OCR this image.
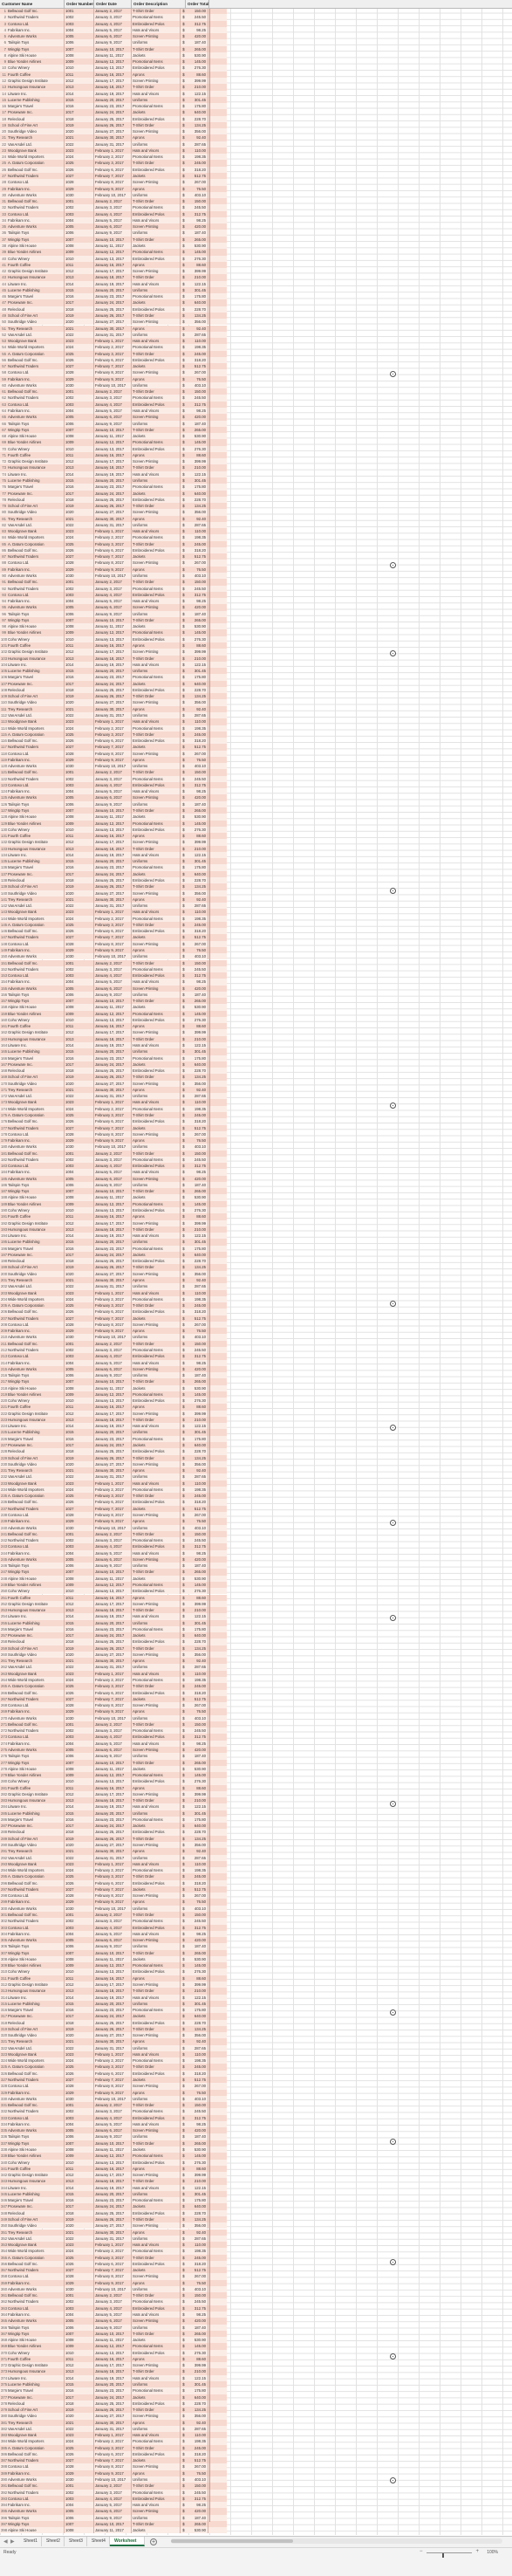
Customer Name	Order Number Order Date	Order Description	Order Total
1 Bellwood Golf Inc.	1001	January 2, 2017	T-Shirt Order	$	150.00
2 Northwind Traders	1002	January 3, 2017	Promotional Items	$	245.50
3 Contoso Ltd.	1003	January 4, 2017	Embroidered Polos	$	312.75
4 Fabrikam Inc.	1004	January 5, 2017	Hats and Visors	$	98.25
5 Adventure Works	1005	January 6, 2017	Screen Printing	$	420.00
6 Tailspin Toys	1006	January 9, 2017	Uniforms	$	187.40
7 Wingtip Toys	1007	January 10, 2017	T-Shirt Order	$	265.00
8 Alpine Ski House	1008	January 11, 2017	Jackets	$	530.90
9 Blue Yonder Airlines	1009	January 12, 2017	Promotional Items	$	145.00
10 Coho Winery	1010	January 13, 2017	Embroidered Polos	$	276.30
11 Fourth Coffee	1011	January 16, 2017	Aprons	$	88.60
12 Graphic Design Institute	1012	January 17, 2017	Screen Printing	$	399.99
13 Humongous Insurance	1013	January 18, 2017	T-Shirt Order	$	210.00
14 Litware Inc.	1014	January 19, 2017	Hats and Visors	$	122.15
15 Lucerne Publishing	1015	January 20, 2017	Uniforms	$	301.45
16 Margie's Travel	1016	January 23, 2017	Promotional Items	$	175.80
17 Proseware Inc.	1017	January 24, 2017	Jackets	$	640.00
18 Relecloud	1018	January 25, 2017	Embroidered Polos	$	228.70
19 School of Fine Art	1019	January 26, 2017	T-Shirt Order	$	134.25
20 Southridge Video	1020	January 27, 2017	Screen Printing	$	356.00
21 Trey Research	1021	January 30, 2017	Aprons	$	92.40
22 VanArsdel Ltd.	1022	January 31, 2017	Uniforms	$	287.65
23 Woodgrove Bank	1023	February 1, 2017	Hats and Visors	$	110.00
24 Wide World Importers	1024	February 2, 2017	Promotional Items	$	198.35
25 A. Datum Corporation	1025	February 3, 2017	T-Shirt Order	$	245.00
26 Bellwood Golf Inc.	1026	February 6, 2017	Embroidered Polos	$	318.20
27 Northwind Traders	1027	February 7, 2017	Jackets	$	512.75
28 Contoso Ltd.	1028	February 8, 2017	Screen Printing	$	267.00
29 Fabrikam Inc.	1029	February 9, 2017	Aprons	$	76.50
30 Adventure Works	1030	February 10, 2017	Uniforms	$	403.10
31 Bellwood Golf Inc.	1001	January 2, 2017	T-Shirt Order	$	150.00
32 Northwind Traders	1002	January 3, 2017	Promotional Items	$	245.50
33 Contoso Ltd.	1003	January 4, 2017	Embroidered Polos	$	312.75
34 Fabrikam Inc.	1004	January 5, 2017	Hats and Visors	$	98.25
35 Adventure Works	1005	January 6, 2017	Screen Printing	$	420.00
36 Tailspin Toys	1006	January 9, 2017	Uniforms	$	187.40
37 Wingtip Toys	1007	January 10, 2017	T-Shirt Order	$	265.00
38 Alpine Ski House	1008	January 11, 2017	Jackets	$	530.90
39 Blue Yonder Airlines	1009	January 12, 2017	Promotional Items	$	145.00
40 Coho Winery	1010	January 13, 2017	Embroidered Polos	$	276.30
41 Fourth Coffee	1011	January 16, 2017	Aprons	$	88.60
42 Graphic Design Institute	1012	January 17, 2017	Screen Printing	$	399.99
43 Humongous Insurance	1013	January 18, 2017	T-Shirt Order	$	210.00
44 Litware Inc.	1014	January 19, 2017	Hats and Visors	$	122.15
45 Lucerne Publishing	1015	January 20, 2017	Uniforms	$	301.45
46 Margie's Travel	1016	January 23, 2017	Promotional Items	$	175.80
47 Proseware Inc.	1017	January 24, 2017	Jackets	$	640.00
48 Relecloud	1018	January 25, 2017	Embroidered Polos	$	228.70
49 School of Fine Art	1019	January 26, 2017	T-Shirt Order	$	134.25
50 Southridge Video	1020	January 27, 2017	Screen Printing	$	356.00
51 Trey Research	1021	January 30, 2017	Aprons	$	92.40
52 VanArsdel Ltd.	1022	January 31, 2017	Uniforms	$	287.65
53 Woodgrove Bank	1023	February 1, 2017	Hats and Visors	$	110.00
54 Wide World Importers	1024	February 2, 2017	Promotional Items	$	198.35
55 A. Datum Corporation	1025	February 3, 2017	T-Shirt Order	$	245.00
56 Bellwood Golf Inc.	1026	February 6, 2017	Embroidered Polos	$	318.20
57 Northwind Traders	1027	February 7, 2017	Jackets	$	512.75
58 Contoso Ltd.	1028	February 8, 2017	Screen Printing	$	267.00
59 Fabrikam Inc.	1029	February 9, 2017	Aprons	$	76.50
60 Adventure Works	1030	February 10, 2017	Uniforms	$	403.10
61 Bellwood Golf Inc.	1001	January 2, 2017	T-Shirt Order	$	150.00
62 Northwind Traders	1002	January 3, 2017	Promotional Items	$	245.50
63 Contoso Ltd.	1003	January 4, 2017	Embroidered Polos	$	312.75
64 Fabrikam Inc.	1004	January 5, 2017	Hats and Visors	$	98.25
65 Adventure Works	1005	January 6, 2017	Screen Printing	$	420.00
66 Tailspin Toys	1006	January 9, 2017	Uniforms	$	187.40
67 Wingtip Toys	1007	January 10, 2017	T-Shirt Order	$	265.00
68 Alpine Ski House	1008	January 11, 2017	Jackets	$	530.90
69 Blue Yonder Airlines	1009	January 12, 2017	Promotional Items	$	145.00
70 Coho Winery	1010	January 13, 2017	Embroidered Polos	$	276.30
71 Fourth Coffee	1011	January 16, 2017	Aprons	$	88.60
72 Graphic Design Institute	1012	January 17, 2017	Screen Printing	$	399.99
73 Humongous Insurance	1013	January 18, 2017	T-Shirt Order	$	210.00
74 Litware Inc.	1014	January 19, 2017	Hats and Visors	$	122.15
75 Lucerne Publishing	1015	January 20, 2017	Uniforms	$	301.45
76 Margie's Travel	1016	January 23, 2017	Promotional Items	$	175.80
77 Proseware Inc.	1017	January 24, 2017	Jackets	$	640.00
78 Relecloud	1018	January 25, 2017	Embroidered Polos	$	228.70
79 School of Fine Art	1019	January 26, 2017	T-Shirt Order	$	134.25
80 Southridge Video	1020	January 27, 2017	Screen Printing	$	356.00
81 Trey Research	1021	January 30, 2017	Aprons	$	92.40
82 VanArsdel Ltd.	1022	January 31, 2017	Uniforms	$	287.65
83 Woodgrove Bank	1023	February 1, 2017	Hats and Visors	$	110.00
84 Wide World Importers	1024	February 2, 2017	Promotional Items	$	198.35
85 A. Datum Corporation	1025	February 3, 2017	T-Shirt Order	$	245.00
86 Bellwood Golf Inc.	1026	February 6, 2017	Embroidered Polos	$	318.20
87 Northwind Traders	1027	February 7, 2017	Jackets	$	512.75
88 Contoso Ltd.	1028	February 8, 2017	Screen Printing	$	267.00
89 Fabrikam Inc.	1029	February 9, 2017	Aprons	$	76.50
90 Adventure Works	1030	February 10, 2017	Uniforms	$	403.10
91 Bellwood Golf Inc.	1001	January 2, 2017	T-Shirt Order	$	150.00
92 Northwind Traders	1002	January 3, 2017	Promotional Items	$	245.50
93 Contoso Ltd.	1003	January 4, 2017	Embroidered Polos	$	312.75
94 Fabrikam Inc.	1004	January 5, 2017	Hats and Visors	$	98.25
95 Adventure Works	1005	January 6, 2017	Screen Printing	$	420.00
96 Tailspin Toys	1006	January 9, 2017	Uniforms	$	187.40
97 Wingtip Toys	1007	January 10, 2017	T-Shirt Order	$	265.00
98 Alpine Ski House	1008	January 11, 2017	Jackets	$	530.90
99 Blue Yonder Airlines	1009	January 12, 2017	Promotional Items	$	145.00
100 Coho Winery	1010	January 13, 2017	Embroidered Polos	$	276.30
101 Fourth Coffee	1011	January 16, 2017	Aprons	$	88.60
102 Graphic Design Institute	1012	January 17, 2017	Screen Printing	$	399.99
103 Humongous Insurance	1013	January 18, 2017	T-Shirt Order	$	210.00
104 Litware Inc.	1014	January 19, 2017	Hats and Visors	$	122.15
105 Lucerne Publishing	1015	January 20, 2017	Uniforms	$	301.45
106 Margie's Travel	1016	January 23, 2017	Promotional Items	$	175.80
107 Proseware Inc.	1017	January 24, 2017	Jackets	$	640.00
108 Relecloud	1018	January 25, 2017	Embroidered Polos	$	228.70
109 School of Fine Art	1019	January 26, 2017	T-Shirt Order	$	134.25
110 Southridge Video	1020	January 27, 2017	Screen Printing	$	356.00
111 Trey Research	1021	January 30, 2017	Aprons	$	92.40
112 VanArsdel Ltd.	1022	January 31, 2017	Uniforms	$	287.65
113 Woodgrove Bank	1023	February 1, 2017	Hats and Visors	$	110.00
114 Wide World Importers	1024	February 2, 2017	Promotional Items	$	198.35
115 A. Datum Corporation	1025	February 3, 2017	T-Shirt Order	$	245.00
116 Bellwood Golf Inc.	1026	February 6, 2017	Embroidered Polos	$	318.20
117 Northwind Traders	1027	February 7, 2017	Jackets	$	512.75
118 Contoso Ltd.	1028	February 8, 2017	Screen Printing	$	267.00
119 Fabrikam Inc.	1029	February 9, 2017	Aprons	$	76.50
120 Adventure Works	1030	February 10, 2017	Uniforms	$	403.10
121 Bellwood Golf Inc.	1001	January 2, 2017	T-Shirt Order	$	150.00
122 Northwind Traders	1002	January 3, 2017	Promotional Items	$	245.50
123 Contoso Ltd.	1003	January 4, 2017	Embroidered Polos	$	312.75
124 Fabrikam Inc.	1004	January 5, 2017	Hats and Visors	$	98.25
125 Adventure Works	1005	January 6, 2017	Screen Printing	$	420.00
126 Tailspin Toys	1006	January 9, 2017	Uniforms	$	187.40
127 Wingtip Toys	1007	January 10, 2017	T-Shirt Order	$	265.00
128 Alpine Ski House	1008	January 11, 2017	Jackets	$	530.90
129 Blue Yonder Airlines	1009	January 12, 2017	Promotional Items	$	145.00
130 Coho Winery	1010	January 13, 2017	Embroidered Polos	$	276.30
131 Fourth Coffee	1011	January 16, 2017	Aprons	$	88.60
132 Graphic Design Institute	1012	January 17, 2017	Screen Printing	$	399.99
133 Humongous Insurance	1013	January 18, 2017	T-Shirt Order	$	210.00
134 Litware Inc.	1014	January 19, 2017	Hats and Visors	$	122.15
135 Lucerne Publishing	1015	January 20, 2017	Uniforms	$	301.45
136 Margie's Travel	1016	January 23, 2017	Promotional Items	$	175.80
137 Proseware Inc.	1017	January 24, 2017	Jackets	$	640.00
138 Relecloud	1018	January 25, 2017	Embroidered Polos	$	228.70
139 School of Fine Art	1019	January 26, 2017	T-Shirt Order	$	134.25
140 Southridge Video	1020	January 27, 2017	Screen Printing	$	356.00
141 Trey Research	1021	January 30, 2017	Aprons	$	92.40
142 VanArsdel Ltd.	1022	January 31, 2017	Uniforms	$	287.65
143 Woodgrove Bank	1023	February 1, 2017	Hats and Visors	$	110.00
144 Wide World Importers	1024	February 2, 2017	Promotional Items	$	198.35
145 A. Datum Corporation	1025	February 3, 2017	T-Shirt Order	$	245.00
146 Bellwood Golf Inc.	1026	February 6, 2017	Embroidered Polos	$	318.20
147 Northwind Traders	1027	February 7, 2017	Jackets	$	512.75
148 Contoso Ltd.	1028	February 8, 2017	Screen Printing	$	267.00
149 Fabrikam Inc.	1029	February 9, 2017	Aprons	$	76.50
150 Adventure Works	1030	February 10, 2017	Uniforms	$	403.10
151 Bellwood Golf Inc.	1001	January 2, 2017	T-Shirt Order	$	150.00
152 Northwind Traders	1002	January 3, 2017	Promotional Items	$	245.50
153 Contoso Ltd.	1003	January 4, 2017	Embroidered Polos	$	312.75
154 Fabrikam Inc.	1004	January 5, 2017	Hats and Visors	$	98.25
155 Adventure Works	1005	January 6, 2017	Screen Printing	$	420.00
156 Tailspin Toys	1006	January 9, 2017	Uniforms	$	187.40
157 Wingtip Toys	1007	January 10, 2017	T-Shirt Order	$	265.00
158 Alpine Ski House	1008	January 11, 2017	Jackets	$	530.90
159 Blue Yonder Airlines	1009	January 12, 2017	Promotional Items	$	145.00
160 Coho Winery	1010	January 13, 2017	Embroidered Polos	$	276.30
161 Fourth Coffee	1011	January 16, 2017	Aprons	$	88.60
162 Graphic Design Institute	1012	January 17, 2017	Screen Printing	$	399.99
163 Humongous Insurance	1013	January 18, 2017	T-Shirt Order	$	210.00
164 Litware Inc.	1014	January 19, 2017	Hats and Visors	$	122.15
165 Lucerne Publishing	1015	January 20, 2017	Uniforms	$	301.45
166 Margie's Travel	1016	January 23, 2017	Promotional Items	$	175.80
167 Proseware Inc.	1017	January 24, 2017	Jackets	$	640.00
168 Relecloud	1018	January 25, 2017	Embroidered Polos	$	228.70
169 School of Fine Art	1019	January 26, 2017	T-Shirt Order	$	134.25
170 Southridge Video	1020	January 27, 2017	Screen Printing	$	356.00
171 Trey Research	1021	January 30, 2017	Aprons	$	92.40
172 VanArsdel Ltd.	1022	January 31, 2017	Uniforms	$	287.65
173 Woodgrove Bank	1023	February 1, 2017	Hats and Visors	$	110.00
174 Wide World Importers	1024	February 2, 2017	Promotional Items	$	198.35
175 A. Datum Corporation	1025	February 3, 2017	T-Shirt Order	$	245.00
176 Bellwood Golf Inc.	1026	February 6, 2017	Embroidered Polos	$	318.20
177 Northwind Traders	1027	February 7, 2017	Jackets	$	512.75
178 Contoso Ltd.	1028	February 8, 2017	Screen Printing	$	267.00
179 Fabrikam Inc.	1029	February 9, 2017	Aprons	$	76.50
180 Adventure Works	1030	February 10, 2017	Uniforms	$	403.10
181 Bellwood Golf Inc.	1001	January 2, 2017	T-Shirt Order	$	150.00
182 Northwind Traders	1002	January 3, 2017	Promotional Items	$	245.50
183 Contoso Ltd.	1003	January 4, 2017	Embroidered Polos	$	312.75
184 Fabrikam Inc.	1004	January 5, 2017	Hats and Visors	$	98.25
185 Adventure Works	1005	January 6, 2017	Screen Printing	$	420.00
186 Tailspin Toys	1006	January 9, 2017	Uniforms	$	187.40
187 Wingtip Toys	1007	January 10, 2017	T-Shirt Order	$	265.00
188 Alpine Ski House	1008	January 11, 2017	Jackets	$	530.90
189 Blue Yonder Airlines	1009	January 12, 2017	Promotional Items	$	145.00
190 Coho Winery	1010	January 13, 2017	Embroidered Polos	$	276.30
191 Fourth Coffee	1011	January 16, 2017	Aprons	$	88.60
192 Graphic Design Institute	1012	January 17, 2017	Screen Printing	$	399.99
193 Humongous Insurance	1013	January 18, 2017	T-Shirt Order	$	210.00
194 Litware Inc.	1014	January 19, 2017	Hats and Visors	$	122.15
195 Lucerne Publishing	1015	January 20, 2017	Uniforms	$	301.45
196 Margie's Travel	1016	January 23, 2017	Promotional Items	$	175.80
197 Proseware Inc.	1017	January 24, 2017	Jackets	$	640.00
198 Relecloud	1018	January 25, 2017	Embroidered Polos	$	228.70
199 School of Fine Art	1019	January 26, 2017	T-Shirt Order	$	134.25
200 Southridge Video	1020	January 27, 2017	Screen Printing	$	356.00
201 Trey Research	1021	January 30, 2017	Aprons	$	92.40
202 VanArsdel Ltd.	1022	January 31, 2017	Uniforms	$	287.65
203 Woodgrove Bank	1023	February 1, 2017	Hats and Visors	$	110.00
204 Wide World Importers	1024	February 2, 2017	Promotional Items	$	198.35
205 A. Datum Corporation	1025	February 3, 2017	T-Shirt Order	$	245.00
206 Bellwood Golf Inc.	1026	February 6, 2017	Embroidered Polos	$	318.20
207 Northwind Traders	1027	February 7, 2017	Jackets	$	512.75
208 Contoso Ltd.	1028	February 8, 2017	Screen Printing	$	267.00
209 Fabrikam Inc.	1029	February 9, 2017	Aprons	$	76.50
210 Adventure Works	1030	February 10, 2017	Uniforms	$	403.10
211 Bellwood Golf Inc.	1001	January 2, 2017	T-Shirt Order	$	150.00
212 Northwind Traders	1002	January 3, 2017	Promotional Items	$	245.50
213 Contoso Ltd.	1003	January 4, 2017	Embroidered Polos	$	312.75
214 Fabrikam Inc.	1004	January 5, 2017	Hats and Visors	$	98.25
215 Adventure Works	1005	January 6, 2017	Screen Printing	$	420.00
216 Tailspin Toys	1006	January 9, 2017	Uniforms	$	187.40
217 Wingtip Toys	1007	January 10, 2017	T-Shirt Order	$	265.00
218 Alpine Ski House	1008	January 11, 2017	Jackets	$	530.90
219 Blue Yonder Airlines	1009	January 12, 2017	Promotional Items	$	145.00
220 Coho Winery	1010	January 13, 2017	Embroidered Polos	$	276.30
221 Fourth Coffee	1011	January 16, 2017	Aprons	$	88.60
222 Graphic Design Institute	1012	January 17, 2017	Screen Printing	$	399.99
223 Humongous Insurance	1013	January 18, 2017	T-Shirt Order	$	210.00
224 Litware Inc.	1014	January 19, 2017	Hats and Visors	$	122.15
225 Lucerne Publishing	1015	January 20, 2017	Uniforms	$	301.45
226 Margie's Travel	1016	January 23, 2017	Promotional Items	$	175.80
227 Proseware Inc.	1017	January 24, 2017	Jackets	$	640.00
228 Relecloud	1018	January 25, 2017	Embroidered Polos	$	228.70
229 School of Fine Art	1019	January 26, 2017	T-Shirt Order	$	134.25
230 Southridge Video	1020	January 27, 2017	Screen Printing	$	356.00
231 Trey Research	1021	January 30, 2017	Aprons	$	92.40
232 VanArsdel Ltd.	1022	January 31, 2017	Uniforms	$	287.65
233 Woodgrove Bank	1023	February 1, 2017	Hats and Visors	$	110.00
234 Wide World Importers	1024	February 2, 2017	Promotional Items	$	198.35
235 A. Datum Corporation	1025	February 3, 2017	T-Shirt Order	$	245.00
236 Bellwood Golf Inc.	1026	February 6, 2017	Embroidered Polos	$	318.20
237 Northwind Traders	1027	February 7, 2017	Jackets	$	512.75
238 Contoso Ltd.	1028	February 8, 2017	Screen Printing	$	267.00
239 Fabrikam Inc.	1029	February 9, 2017	Aprons	$	76.50
240 Adventure Works	1030	February 10, 2017	Uniforms	$	403.10
241 Bellwood Golf Inc.	1001	January 2, 2017	T-Shirt Order	$	150.00
242 Northwind Traders	1002	January 3, 2017	Promotional Items	$	245.50
243 Contoso Ltd.	1003	January 4, 2017	Embroidered Polos	$	312.75
244 Fabrikam Inc.	1004	January 5, 2017	Hats and Visors	$	98.25
245 Adventure Works	1005	January 6, 2017	Screen Printing	$	420.00
246 Tailspin Toys	1006	January 9, 2017	Uniforms	$	187.40
247 Wingtip Toys	1007	January 10, 2017	T-Shirt Order	$	265.00
248 Alpine Ski House	1008	January 11, 2017	Jackets	$	530.90
249 Blue Yonder Airlines	1009	January 12, 2017	Promotional Items	$	145.00
250 Coho Winery	1010	January 13, 2017	Embroidered Polos	$	276.30
251 Fourth Coffee	1011	January 16, 2017	Aprons	$	88.60
252 Graphic Design Institute	1012	January 17, 2017	Screen Printing	$	399.99
253 Humongous Insurance	1013	January 18, 2017	T-Shirt Order	$	210.00
254 Litware Inc.	1014	January 19, 2017	Hats and Visors	$	122.15
255 Lucerne Publishing	1015	January 20, 2017	Uniforms	$	301.45
256 Margie's Travel	1016	January 23, 2017	Promotional Items	$	175.80
257 Proseware Inc.	1017	January 24, 2017	Jackets	$	640.00
258 Relecloud	1018	January 25, 2017	Embroidered Polos	$	228.70
259 School of Fine Art	1019	January 26, 2017	T-Shirt Order	$	134.25
260 Southridge Video	1020	January 27, 2017	Screen Printing	$	356.00
261 Trey Research	1021	January 30, 2017	Aprons	$	92.40
262 VanArsdel Ltd.	1022	January 31, 2017	Uniforms	$	287.65
263 Woodgrove Bank	1023	February 1, 2017	Hats and Visors	$	110.00
264 Wide World Importers	1024	February 2, 2017	Promotional Items	$	198.35
265 A. Datum Corporation	1025	February 3, 2017	T-Shirt Order	$	245.00
266 Bellwood Golf Inc.	1026	February 6, 2017	Embroidered Polos	$	318.20
267 Northwind Traders	1027	February 7, 2017	Jackets	$	512.75
268 Contoso Ltd.	1028	February 8, 2017	Screen Printing	$	267.00
269 Fabrikam Inc.	1029	February 9, 2017	Aprons	$	76.50
270 Adventure Works	1030	February 10, 2017	Uniforms	$	403.10
271 Bellwood Golf Inc.	1001	January 2, 2017	T-Shirt Order	$	150.00
272 Northwind Traders	1002	January 3, 2017	Promotional Items	$	245.50
273 Contoso Ltd.	1003	January 4, 2017	Embroidered Polos	$	312.75
274 Fabrikam Inc.	1004	January 5, 2017	Hats and Visors	$	98.25
275 Adventure Works	1005	January 6, 2017	Screen Printing	$	420.00
276 Tailspin Toys	1006	January 9, 2017	Uniforms	$	187.40
277 Wingtip Toys	1007	January 10, 2017	T-Shirt Order	$	265.00
278 Alpine Ski House	1008	January 11, 2017	Jackets	$	530.90
279 Blue Yonder Airlines	1009	January 12, 2017	Promotional Items	$	145.00
280 Coho Winery	1010	January 13, 2017	Embroidered Polos	$	276.30
281 Fourth Coffee	1011	January 16, 2017	Aprons	$	88.60
282 Graphic Design Institute	1012	January 17, 2017	Screen Printing	$	399.99
283 Humongous Insurance	1013	January 18, 2017	T-Shirt Order	$	210.00
284 Litware Inc.	1014	January 19, 2017	Hats and Visors	$	122.15
285 Lucerne Publishing	1015	January 20, 2017	Uniforms	$	301.45
286 Margie's Travel	1016	January 23, 2017	Promotional Items	$	175.80
287 Proseware Inc.	1017	January 24, 2017	Jackets	$	640.00
288 Relecloud	1018	January 25, 2017	Embroidered Polos	$	228.70
289 School of Fine Art	1019	January 26, 2017	T-Shirt Order	$	134.25
290 Southridge Video	1020	January 27, 2017	Screen Printing	$	356.00
291 Trey Research	1021	January 30, 2017	Aprons	$	92.40
292 VanArsdel Ltd.	1022	January 31, 2017	Uniforms	$	287.65
293 Woodgrove Bank	1023	February 1, 2017	Hats and Visors	$	110.00
294 Wide World Importers	1024	February 2, 2017	Promotional Items	$	198.35
295 A. Datum Corporation	1025	February 3, 2017	T-Shirt Order	$	245.00
296 Bellwood Golf Inc.	1026	February 6, 2017	Embroidered Polos	$	318.20
297 Northwind Traders	1027	February 7, 2017	Jackets	$	512.75
298 Contoso Ltd.	1028	February 8, 2017	Screen Printing	$	267.00
299 Fabrikam Inc.	1029	February 9, 2017	Aprons	$	76.50
300 Adventure Works	1030	February 10, 2017	Uniforms	$	403.10
301 Bellwood Golf Inc.	1001	January 2, 2017	T-Shirt Order	$	150.00
302 Northwind Traders	1002	January 3, 2017	Promotional Items	$	245.50
303 Contoso Ltd.	1003	January 4, 2017	Embroidered Polos	$	312.75
304 Fabrikam Inc.	1004	January 5, 2017	Hats and Visors	$	98.25
305 Adventure Works	1005	January 6, 2017	Screen Printing	$	420.00
306 Tailspin Toys	1006	January 9, 2017	Uniforms	$	187.40
307 Wingtip Toys	1007	January 10, 2017	T-Shirt Order	$	265.00
308 Alpine Ski House	1008	January 11, 2017	Jackets	$	530.90
309 Blue Yonder Airlines	1009	January 12, 2017	Promotional Items	$	145.00
310 Coho Winery	1010	January 13, 2017	Embroidered Polos	$	276.30
311 Fourth Coffee	1011	January 16, 2017	Aprons	$	88.60
312 Graphic Design Institute	1012	January 17, 2017	Screen Printing	$	399.99
313 Humongous Insurance	1013	January 18, 2017	T-Shirt Order	$	210.00
314 Litware Inc.	1014	January 19, 2017	Hats and Visors	$	122.15
315 Lucerne Publishing	1015	January 20, 2017	Uniforms	$	301.45
316 Margie's Travel	1016	January 23, 2017	Promotional Items	$	175.80
317 Proseware Inc.	1017	January 24, 2017	Jackets	$	640.00
318 Relecloud	1018	January 25, 2017	Embroidered Polos	$	228.70
319 School of Fine Art	1019	January 26, 2017	T-Shirt Order	$	134.25
320 Southridge Video	1020	January 27, 2017	Screen Printing	$	356.00
321 Trey Research	1021	January 30, 2017	Aprons	$	92.40
322 VanArsdel Ltd.	1022	January 31, 2017	Uniforms	$	287.65
323 Woodgrove Bank	1023	February 1, 2017	Hats and Visors	$	110.00
324 Wide World Importers	1024	February 2, 2017	Promotional Items	$	198.35
325 A. Datum Corporation	1025	February 3, 2017	T-Shirt Order	$	245.00
326 Bellwood Golf Inc.	1026	February 6, 2017	Embroidered Polos	$	318.20
327 Northwind Traders	1027	February 7, 2017	Jackets	$	512.75
328 Contoso Ltd.	1028	February 8, 2017	Screen Printing	$	267.00
329 Fabrikam Inc.	1029	February 9, 2017	Aprons	$	76.50
330 Adventure Works	1030	February 10, 2017	Uniforms	$	403.10
331 Bellwood Golf Inc.	1001	January 2, 2017	T-Shirt Order	$	150.00
332 Northwind Traders	1002	January 3, 2017	Promotional Items	$	245.50
333 Contoso Ltd.	1003	January 4, 2017	Embroidered Polos	$	312.75
334 Fabrikam Inc.	1004	January 5, 2017	Hats and Visors	$	98.25
335 Adventure Works	1005	January 6, 2017	Screen Printing	$	420.00
336 Tailspin Toys	1006	January 9, 2017	Uniforms	$	187.40
337 Wingtip Toys	1007	January 10, 2017	T-Shirt Order	$	265.00
338 Alpine Ski House	1008	January 11, 2017	Jackets	$	530.90
339 Blue Yonder Airlines	1009	January 12, 2017	Promotional Items	$	145.00
340 Coho Winery	1010	January 13, 2017	Embroidered Polos	$	276.30
341 Fourth Coffee	1011	January 16, 2017	Aprons	$	88.60
342 Graphic Design Institute	1012	January 17, 2017	Screen Printing	$	399.99
343 Humongous Insurance	1013	January 18, 2017	T-Shirt Order	$	210.00
344 Litware Inc.	1014	January 19, 2017	Hats and Visors	$	122.15
345 Lucerne Publishing	1015	January 20, 2017	Uniforms	$	301.45
346 Margie's Travel	1016	January 23, 2017	Promotional Items	$	175.80
347 Proseware Inc.	1017	January 24, 2017	Jackets	$	640.00
348 Relecloud	1018	January 25, 2017	Embroidered Polos	$	228.70
349 School of Fine Art	1019	January 26, 2017	T-Shirt Order	$	134.25
350 Southridge Video	1020	January 27, 2017	Screen Printing	$	356.00
351 Trey Research	1021	January 30, 2017	Aprons	$	92.40
352 VanArsdel Ltd.	1022	January 31, 2017	Uniforms	$	287.65
353 Woodgrove Bank	1023	February 1, 2017	Hats and Visors	$	110.00
354 Wide World Importers	1024	February 2, 2017	Promotional Items	$	198.35
355 A. Datum Corporation	1025	February 3, 2017	T-Shirt Order	$	245.00
356 Bellwood Golf Inc.	1026	February 6, 2017	Embroidered Polos	$	318.20
357 Northwind Traders	1027	February 7, 2017	Jackets	$	512.75
358 Contoso Ltd.	1028	February 8, 2017	Screen Printing	$	267.00
359 Fabrikam Inc.	1029	February 9, 2017	Aprons	$	76.50
360 Adventure Works	1030	February 10, 2017	Uniforms	$	403.10
361 Bellwood Golf Inc.	1001	January 2, 2017	T-Shirt Order	$	150.00
362 Northwind Traders	1002	January 3, 2017	Promotional Items	$	245.50
363 Contoso Ltd.	1003	January 4, 2017	Embroidered Polos	$	312.75
364 Fabrikam Inc.	1004	January 5, 2017	Hats and Visors	$	98.25
365 Adventure Works	1005	January 6, 2017	Screen Printing	$	420.00
366 Tailspin Toys	1006	January 9, 2017	Uniforms	$	187.40
367 Wingtip Toys	1007	January 10, 2017	T-Shirt Order	$	265.00
368 Alpine Ski House	1008	January 11, 2017	Jackets	$	530.90
369 Blue Yonder Airlines	1009	January 12, 2017	Promotional Items	$	145.00
370 Coho Winery	1010	January 13, 2017	Embroidered Polos	$	276.30
371 Fourth Coffee	1011	January 16, 2017	Aprons	$	88.60
372 Graphic Design Institute	1012	January 17, 2017	Screen Printing	$	399.99
373 Humongous Insurance	1013	January 18, 2017	T-Shirt Order	$	210.00
374 Litware Inc.	1014	January 19, 2017	Hats and Visors	$	122.15
375 Lucerne Publishing	1015	January 20, 2017	Uniforms	$	301.45
376 Margie's Travel	1016	January 23, 2017	Promotional Items	$	175.80
377 Proseware Inc.	1017	January 24, 2017	Jackets	$	640.00
378 Relecloud	1018	January 25, 2017	Embroidered Polos	$	228.70
379 School of Fine Art	1019	January 26, 2017	T-Shirt Order	$	134.25
380 Southridge Video	1020	January 27, 2017	Screen Printing	$	356.00
381 Trey Research	1021	January 30, 2017	Aprons	$	92.40
382 VanArsdel Ltd.	1022	January 31, 2017	Uniforms	$	287.65
383 Woodgrove Bank	1023	February 1, 2017	Hats and Visors	$	110.00
384 Wide World Importers	1024	February 2, 2017	Promotional Items	$	198.35
385 A. Datum Corporation	1025	February 3, 2017	T-Shirt Order	$	245.00
386 Bellwood Golf Inc.	1026	February 6, 2017	Embroidered Polos	$	318.20
387 Northwind Traders	1027	February 7, 2017	Jackets	$	512.75
388 Contoso Ltd.	1028	February 8, 2017	Screen Printing	$	267.00
389 Fabrikam Inc.	1029	February 9, 2017	Aprons	$	76.50
390 Adventure Works	1030	February 10, 2017	Uniforms	$	403.10
391 Bellwood Golf Inc.	1001	January 2, 2017	T-Shirt Order	$	150.00
392 Northwind Traders	1002	January 3, 2017	Promotional Items	$	245.50
393 Contoso Ltd.	1003	January 4, 2017	Embroidered Polos	$	312.75
394 Fabrikam Inc.	1004	January 5, 2017	Hats and Visors	$	98.25
395 Adventure Works	1005	January 6, 2017	Screen Printing	$	420.00
396 Tailspin Toys	1006	January 9, 2017	Uniforms	$	187.40
397 Wingtip Toys	1007	January 10, 2017	T-Shirt Order	$	265.00
398 Alpine Ski House	1008	January 11, 2017	Jackets	$	530.90
◀ ▶	Sheet1	Sheet2	Sheet3	Sheet4	Worksheet	+
Ready	−	+ 100%
